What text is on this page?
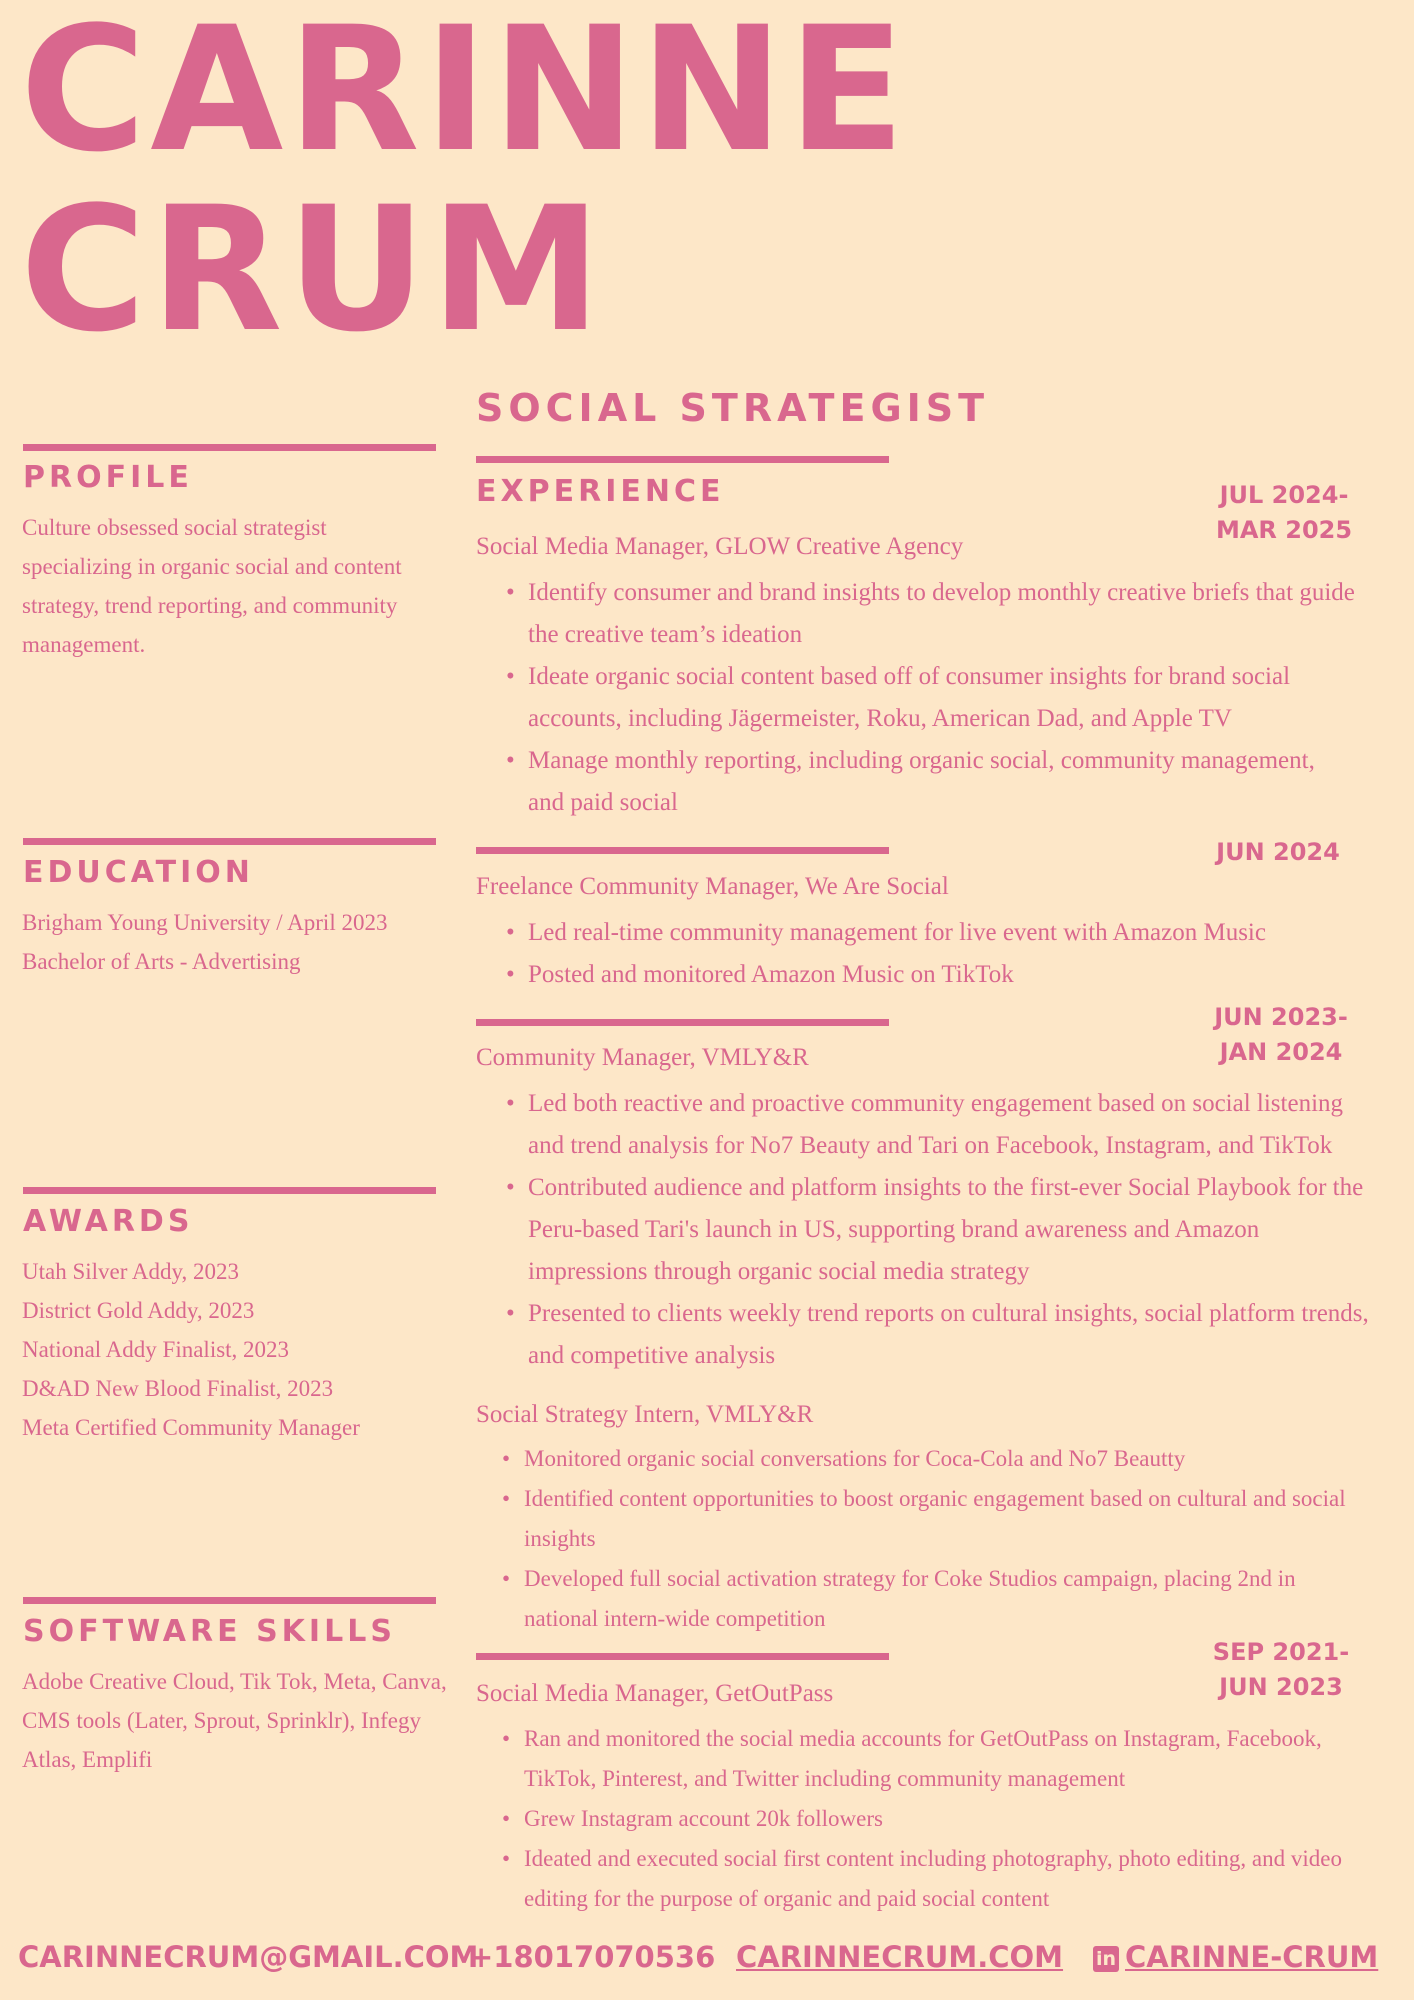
CARINNE
CRUM
SOCIAL STRATEGIST
PROFILE
Culture obsessed social strategist
specializing in organic social and content
strategy, trend reporting, and community
management.
EDUCATION
Brigham Young University / April 2023
Bachelor of Arts - Advertising
AWARDS
Utah Silver Addy, 2023
District Gold Addy, 2023
National Addy Finalist, 2023
D&AD New Blood Finalist, 2023
Meta Certified Community Manager
SOFTWARE SKILLS
Adobe Creative Cloud, Tik Tok, Meta, Canva,
CMS tools (Later, Sprout, Sprinklr), Infegy
Atlas, Emplifi
EXPERIENCE	JUL 2024-
MAR 2025
Social Media Manager, GLOW Creative Agency
• Identify consumer and brand insights to develop monthly creative briefs that guide
the creative team’s ideation
• Ideate organic social content based off of consumer insights for brand social
accounts, including Jägermeister, Roku, American Dad, and Apple TV
• Manage monthly reporting, including organic social, community management,
and paid social
JUN 2024
Freelance Community Manager, We Are Social
• Led real-time community management for live event with Amazon Music
• Posted and monitored Amazon Music on TikTok
JUN 2023-
JAN 2024
Community Manager, VMLY&R
• Led both reactive and proactive community engagement based on social listening
and trend analysis for No7 Beauty and Tari on Facebook, Instagram, and TikTok
• Contributed audience and platform insights to the first-ever Social Playbook for the
Peru-based Tari's launch in US, supporting brand awareness and Amazon
impressions through organic social media strategy
• Presented to clients weekly trend reports on cultural insights, social platform trends,
and competitive analysis
Social Strategy Intern, VMLY&R
• Monitored organic social conversations for Coca-Cola and No7 Beautty
• Identified content opportunities to boost organic engagement based on cultural and social
insights
• Developed full social activation strategy for Coke Studios campaign, placing 2nd in
national intern-wide competition
SEP 2021-
JUN 2023
Social Media Manager, GetOutPass
• Ran and monitored the social media accounts for GetOutPass on Instagram, Facebook,
TikTok, Pinterest, and Twitter including community management
• Grew Instagram account 20k followers
• Ideated and executed social first content including photography, photo editing, and video
editing for the purpose of organic and paid social content
CARINNECRUM@GMAIL.COM
+18017070536 CARINNECRUM.COM in CARINNE-CRUM
